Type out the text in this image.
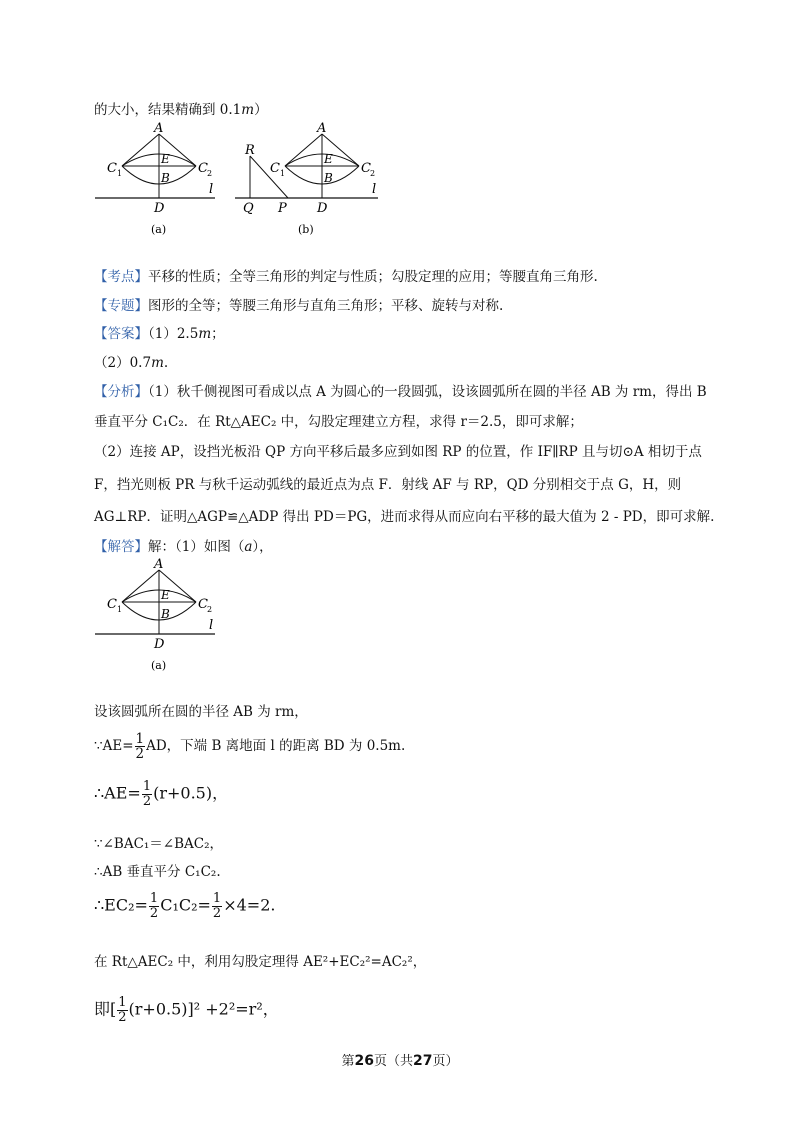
的大小，结果精确到 0.1m）
A
E
B
C 1	C 2
l
D
(a)
R
Q P
A
E
B
C 1	C 2
l
D
(b)
【考点】平移的性质；全等三角形的判定与性质；勾股定理的应用；等腰直角三角形.
【专题】图形的全等；等腰三角形与直角三角形；平移、旋转与对称.
【答案】（1）2.5m；
（2）0.7m.
【分析】（1）秋千侧视图可看成以点 A 为圆心的一段圆弧，设该圆弧所在圆的半径 AB 为 rm，得出 B
垂直平分 C₁C₂．在 Rt△AEC₂ 中，勾股定理建立方程，求得 r＝2.5，即可求解；
（2）连接 AP，设挡光板沿 QP 方向平移后最多应到如图 RP 的位置，作 IF∥RP 且与切⊙A 相切于点
F，挡光则板 PR 与秋千运动弧线的最近点为点 F．射线 AF 与 RP，QD 分别相交于点 G，H，则
AG⊥RP．证明△AGP≌△ADP 得出 PD＝PG，进而求得从而应向右平移的最大值为 2 - PD，即可求解.
【解答】解：（1）如图（a），
A
E
B
C 1	C 2
l
D
(a)
设该圆弧所在圆的半径 AB 为 rm，
∵AE= $\frac{1}{2}$ AD，下端 B 离地面 l 的距离 BD 为 0.5m.
∴AE= $\frac{1}{2} (r+0.5)$，
∵∠BAC₁＝∠BAC₂，
∴AB 垂直平分 C₁C₂.
∴EC₂= $\frac{1}{2} C_1C_2= \frac{1}{2} \times 4=2$.
在 Rt△AEC₂ 中，利用勾股定理得 AE²+EC₂²=AC₂²，
即[ $\frac{1}{2} (r+0.5)]^2 +2^2=r^2$，
第26页（共27页）
